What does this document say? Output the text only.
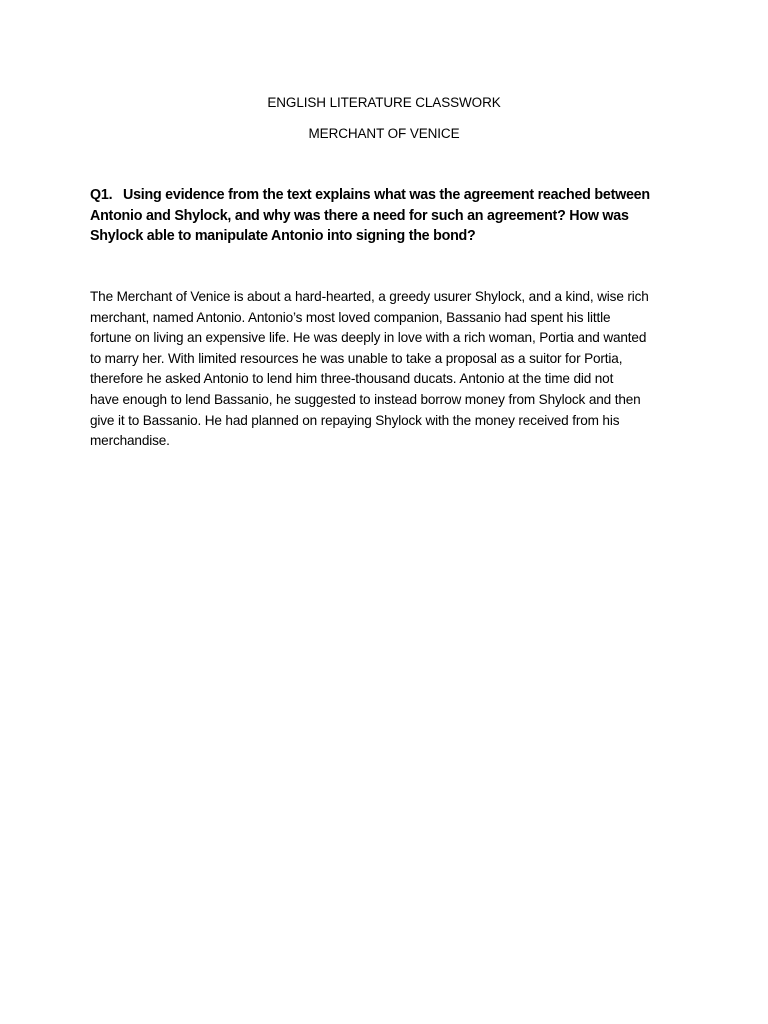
ENGLISH LITERATURE CLASSWORK
MERCHANT OF VENICE
Q1. Using evidence from the text explains what was the agreement reached between Antonio and Shylock, and why was there a need for such an agreement? How was Shylock able to manipulate Antonio into signing the bond?
The Merchant of Venice is about a hard-hearted, a greedy usurer Shylock, and a kind, wise rich
merchant, named Antonio. Antonio’s most loved companion, Bassanio had spent his little
fortune on living an expensive life. He was deeply in love with a rich woman, Portia and wanted
to marry her. With limited resources he was unable to take a proposal as a suitor for Portia,
therefore he asked Antonio to lend him three-thousand ducats. Antonio at the time did not
have enough to lend Bassanio, he suggested to instead borrow money from Shylock and then
give it to Bassanio. He had planned on repaying Shylock with the money received from his
merchandise.
